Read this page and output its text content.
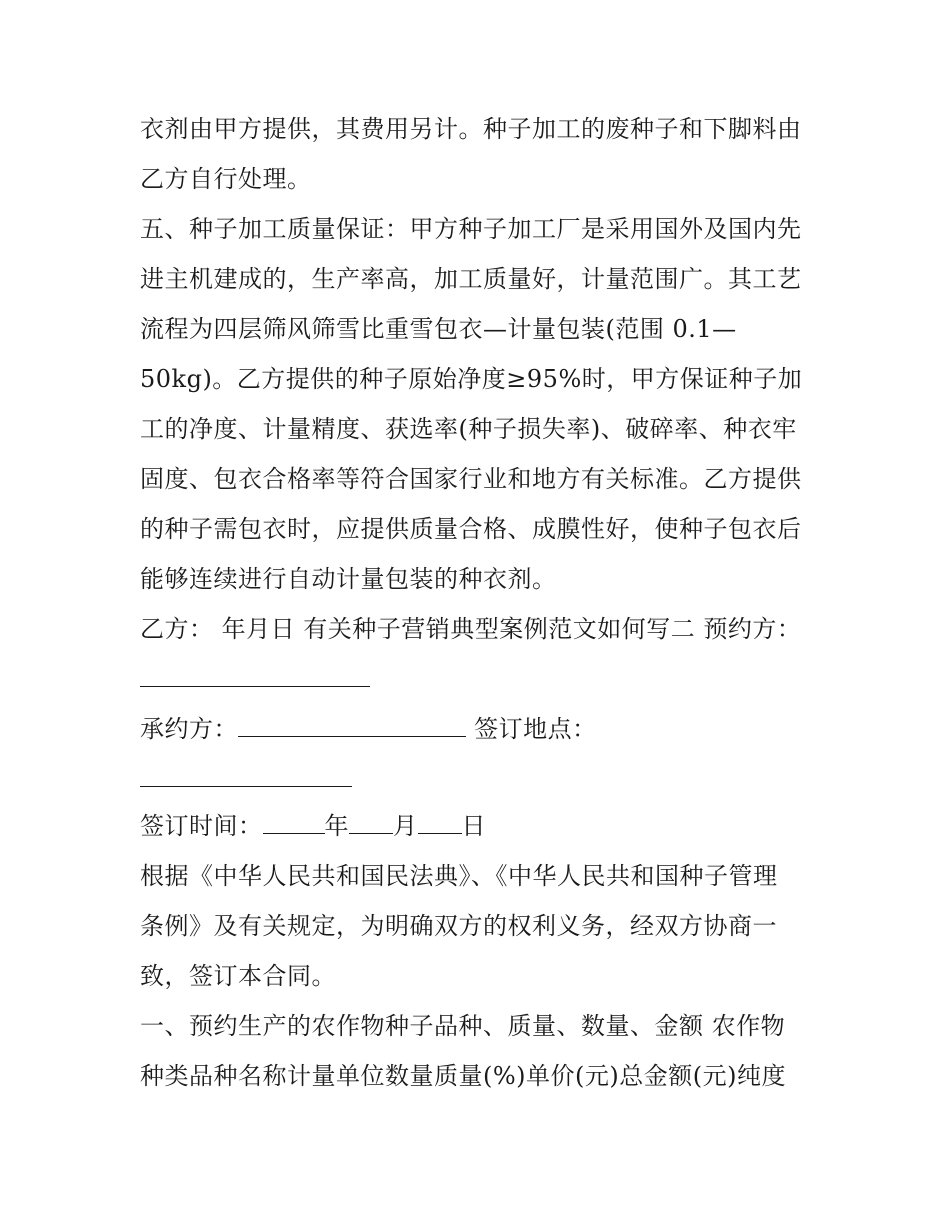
衣剂由甲方提供，其费用另计。种子加工的废种子和下脚料由
乙方自行处理。
五、种子加工质量保证：甲方种子加工厂是采用国外及国内先
进主机建成的，生产率高，加工质量好，计量范围广。其工艺
流程为四层筛风筛雪比重雪包衣—计量包装(范围 0.1—
50kg)。乙方提供的种子原始净度≥95%时，甲方保证种子加
工的净度、计量精度、获选率(种子损失率)、破碎率、种衣牢
固度、包衣合格率等符合国家行业和地方有关标准。乙方提供
的种子需包衣时，应提供质量合格、成膜性好，使种子包衣后
能够连续进行自动计量包装的种衣剂。
乙方： 年月日 有关种子营销典型案例范文如何写二 预约方：
承约方：	签订地点：
签订时间：	年 月 日
根据《中华人民共和国民法典》、《中华人民共和国种子管理
条例》及有关规定，为明确双方的权利义务，经双方协商一
致，签订本合同。
一、预约生产的农作物种子品种、质量、数量、金额 农作物
种类品种名称计量单位数量质量(%)单价(元)总金额(元)纯度
